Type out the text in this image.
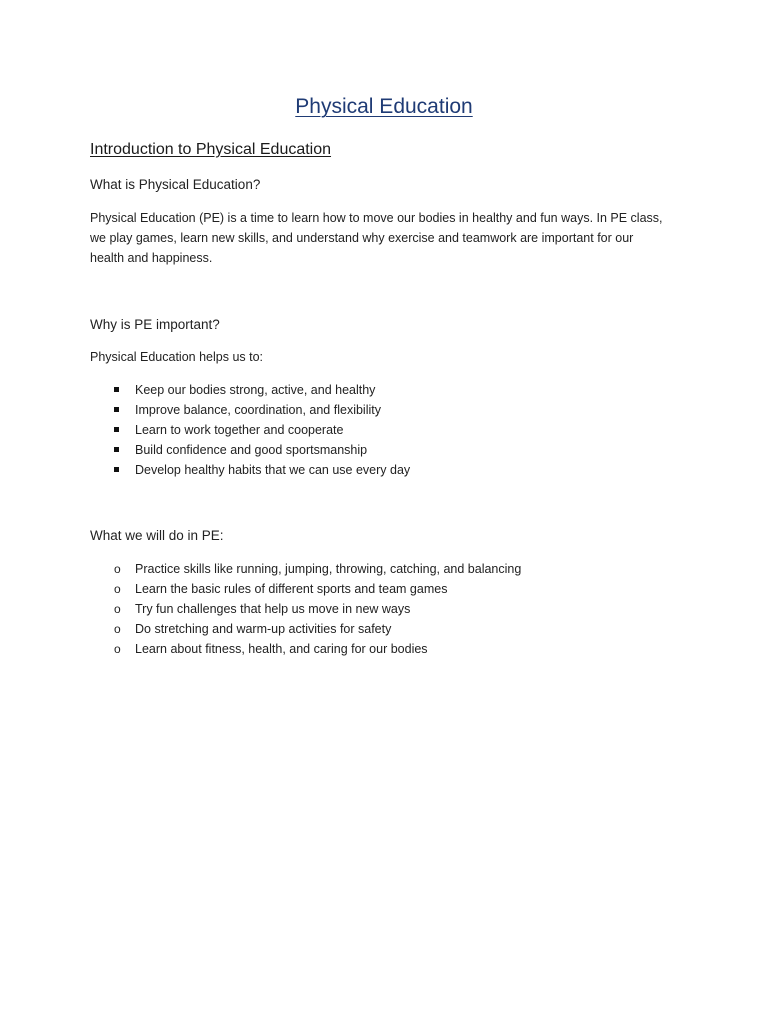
Physical Education
Introduction to Physical Education

What is Physical Education?

Physical Education (PE) is a time to learn how to move our bodies in healthy and fun ways. In PE class, we play games, learn new skills, and understand why exercise and teamwork are important for our health and happiness.

Why is PE important?

Physical Education helps us to:

Keep our bodies strong, active, and healthy
Improve balance, coordination, and flexibility
Learn to work together and cooperate
Build confidence and good sportsmanship
Develop healthy habits that we can use every day

What we will do in PE:

o Practice skills like running, jumping, throwing, catching, and balancing
o Learn the basic rules of different sports and team games
o Try fun challenges that help us move in new ways
o Do stretching and warm-up activities for safety
o Learn about fitness, health, and caring for our bodies
